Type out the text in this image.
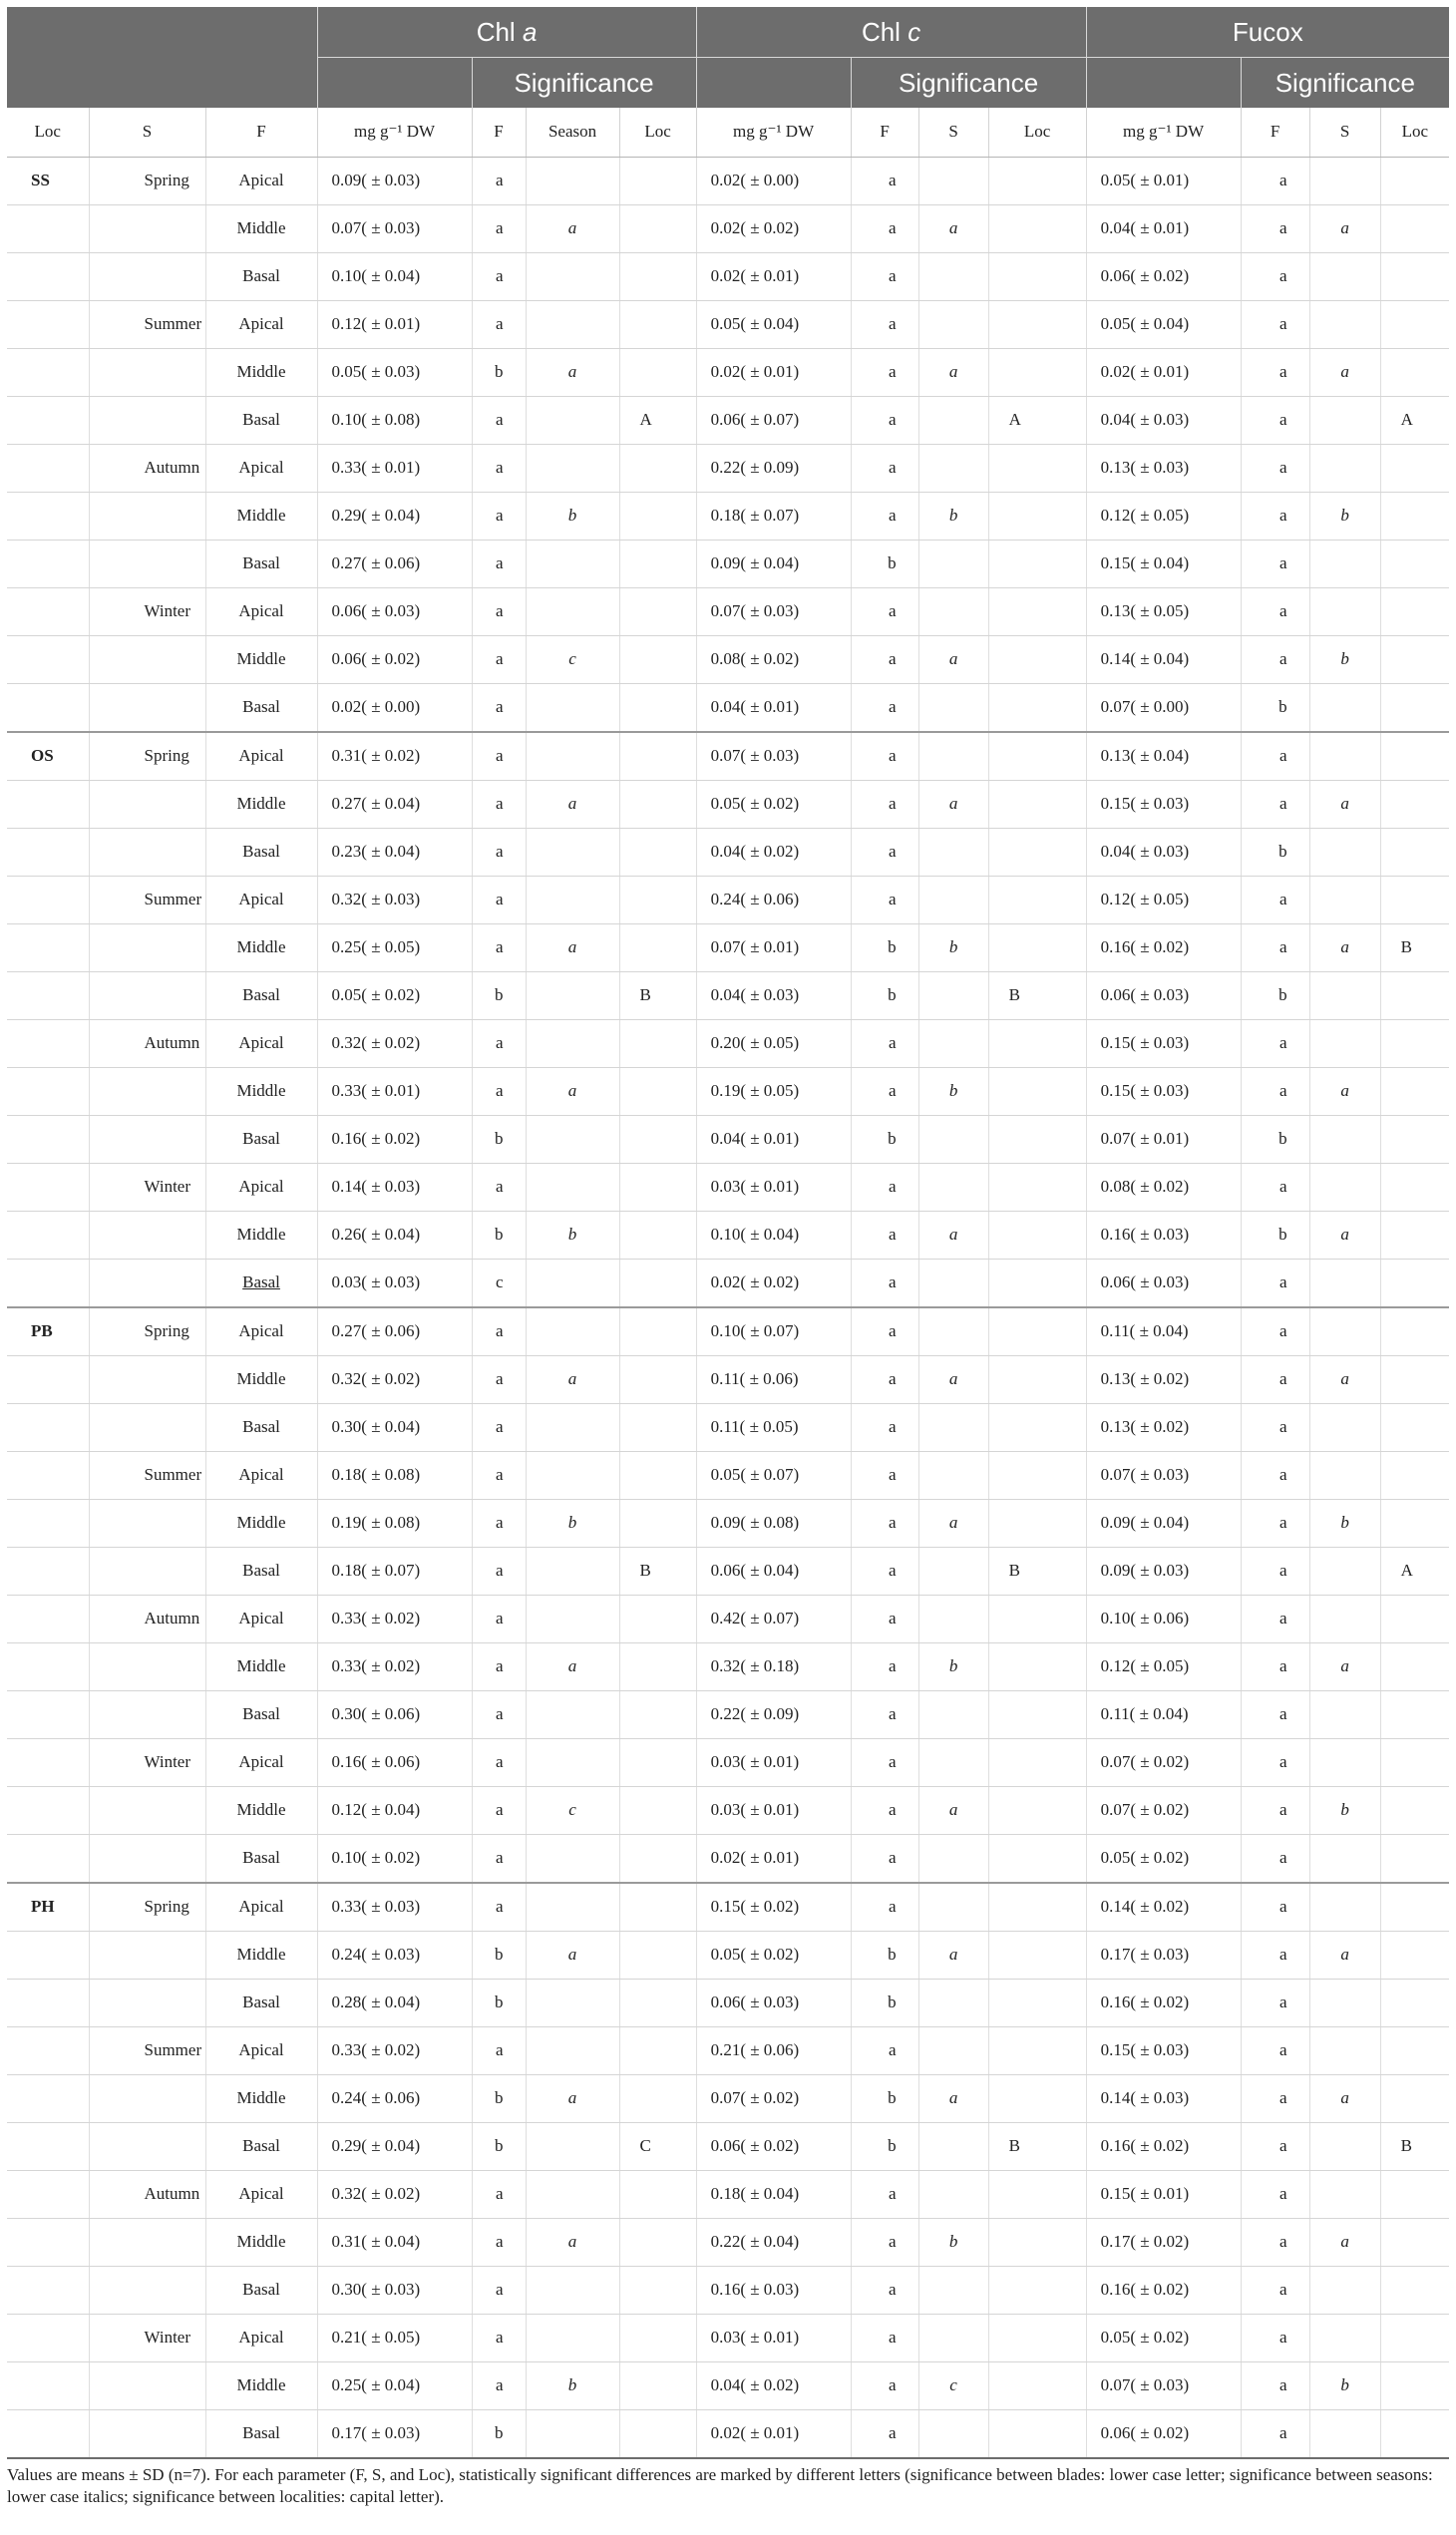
			Chl a				Chl c				Fucox			
				Significance				Significance				Significance		
Loc	S	F	mg g⁻¹ DW	F	Season	Loc	mg g⁻¹ DW	F	S	Loc	mg g⁻¹ DW	F	S	Loc
SS	Spring	Apical	0.09( ± 0.03)	a			0.02( ± 0.00)	a			0.05( ± 0.01)	a		
		Middle	0.07( ± 0.03)	a	a		0.02( ± 0.02)	a	a		0.04( ± 0.01)	a	a	
		Basal	0.10( ± 0.04)	a			0.02( ± 0.01)	a			0.06( ± 0.02)	a		
	Summer	Apical	0.12( ± 0.01)	a			0.05( ± 0.04)	a			0.05( ± 0.04)	a		
		Middle	0.05( ± 0.03)	b	a		0.02( ± 0.01)	a	a		0.02( ± 0.01)	a	a	
		Basal	0.10( ± 0.08)	a		A	0.06( ± 0.07)	a		A	0.04( ± 0.03)	a		A
	Autumn	Apical	0.33( ± 0.01)	a			0.22( ± 0.09)	a			0.13( ± 0.03)	a		
		Middle	0.29( ± 0.04)	a	b		0.18( ± 0.07)	a	b		0.12( ± 0.05)	a	b	
		Basal	0.27( ± 0.06)	a			0.09( ± 0.04)	b			0.15( ± 0.04)	a		
	Winter	Apical	0.06( ± 0.03)	a			0.07( ± 0.03)	a			0.13( ± 0.05)	a		
		Middle	0.06( ± 0.02)	a	c		0.08( ± 0.02)	a	a		0.14( ± 0.04)	a	b	
		Basal	0.02( ± 0.00)	a			0.04( ± 0.01)	a			0.07( ± 0.00)	b		
OS	Spring	Apical	0.31( ± 0.02)	a			0.07( ± 0.03)	a			0.13( ± 0.04)	a		
		Middle	0.27( ± 0.04)	a	a		0.05( ± 0.02)	a	a		0.15( ± 0.03)	a	a	
		Basal	0.23( ± 0.04)	a			0.04( ± 0.02)	a			0.04( ± 0.03)	b		
	Summer	Apical	0.32( ± 0.03)	a			0.24( ± 0.06)	a			0.12( ± 0.05)	a		
		Middle	0.25( ± 0.05)	a	a		0.07( ± 0.01)	b	b		0.16( ± 0.02)	a	a	B
		Basal	0.05( ± 0.02)	b		B	0.04( ± 0.03)	b		B	0.06( ± 0.03)	b		
	Autumn	Apical	0.32( ± 0.02)	a			0.20( ± 0.05)	a			0.15( ± 0.03)	a		
		Middle	0.33( ± 0.01)	a	a		0.19( ± 0.05)	a	b		0.15( ± 0.03)	a	a	
		Basal	0.16( ± 0.02)	b			0.04( ± 0.01)	b			0.07( ± 0.01)	b		
	Winter	Apical	0.14( ± 0.03)	a			0.03( ± 0.01)	a			0.08( ± 0.02)	a		
		Middle	0.26( ± 0.04)	b	b		0.10( ± 0.04)	a	a		0.16( ± 0.03)	b	a	
		Basal	0.03( ± 0.03)	c			0.02( ± 0.02)	a			0.06( ± 0.03)	a		
PB	Spring	Apical	0.27( ± 0.06)	a			0.10( ± 0.07)	a			0.11( ± 0.04)	a		
		Middle	0.32( ± 0.02)	a	a		0.11( ± 0.06)	a	a		0.13( ± 0.02)	a	a	
		Basal	0.30( ± 0.04)	a			0.11( ± 0.05)	a			0.13( ± 0.02)	a		
	Summer	Apical	0.18( ± 0.08)	a			0.05( ± 0.07)	a			0.07( ± 0.03)	a		
		Middle	0.19( ± 0.08)	a	b		0.09( ± 0.08)	a	a		0.09( ± 0.04)	a	b	
		Basal	0.18( ± 0.07)	a		B	0.06( ± 0.04)	a		B	0.09( ± 0.03)	a		A
	Autumn	Apical	0.33( ± 0.02)	a			0.42( ± 0.07)	a			0.10( ± 0.06)	a		
		Middle	0.33( ± 0.02)	a	a		0.32( ± 0.18)	a	b		0.12( ± 0.05)	a	a	
		Basal	0.30( ± 0.06)	a			0.22( ± 0.09)	a			0.11( ± 0.04)	a		
	Winter	Apical	0.16( ± 0.06)	a			0.03( ± 0.01)	a			0.07( ± 0.02)	a		
		Middle	0.12( ± 0.04)	a	c		0.03( ± 0.01)	a	a		0.07( ± 0.02)	a	b	
		Basal	0.10( ± 0.02)	a			0.02( ± 0.01)	a			0.05( ± 0.02)	a		
PH	Spring	Apical	0.33( ± 0.03)	a			0.15( ± 0.02)	a			0.14( ± 0.02)	a		
		Middle	0.24( ± 0.03)	b	a		0.05( ± 0.02)	b	a		0.17( ± 0.03)	a	a	
		Basal	0.28( ± 0.04)	b			0.06( ± 0.03)	b			0.16( ± 0.02)	a		
	Summer	Apical	0.33( ± 0.02)	a			0.21( ± 0.06)	a			0.15( ± 0.03)	a		
		Middle	0.24( ± 0.06)	b	a		0.07( ± 0.02)	b	a		0.14( ± 0.03)	a	a	
		Basal	0.29( ± 0.04)	b		C	0.06( ± 0.02)	b		B	0.16( ± 0.02)	a		B
	Autumn	Apical	0.32( ± 0.02)	a			0.18( ± 0.04)	a			0.15( ± 0.01)	a		
		Middle	0.31( ± 0.04)	a	a		0.22( ± 0.04)	a	b		0.17( ± 0.02)	a	a	
		Basal	0.30( ± 0.03)	a			0.16( ± 0.03)	a			0.16( ± 0.02)	a		
	Winter	Apical	0.21( ± 0.05)	a			0.03( ± 0.01)	a			0.05( ± 0.02)	a		
		Middle	0.25( ± 0.04)	a	b		0.04( ± 0.02)	a	c		0.07( ± 0.03)	a	b	
		Basal	0.17( ± 0.03)	b			0.02( ± 0.01)	a			0.06( ± 0.02)	a		

Values are means ± SD (n=7). For each parameter (F, S, and Loc), statistically significant differences are marked by different letters (significance between blades: lower case letter; significance between seasons: lower case italics; significance between localities: capital letter).
